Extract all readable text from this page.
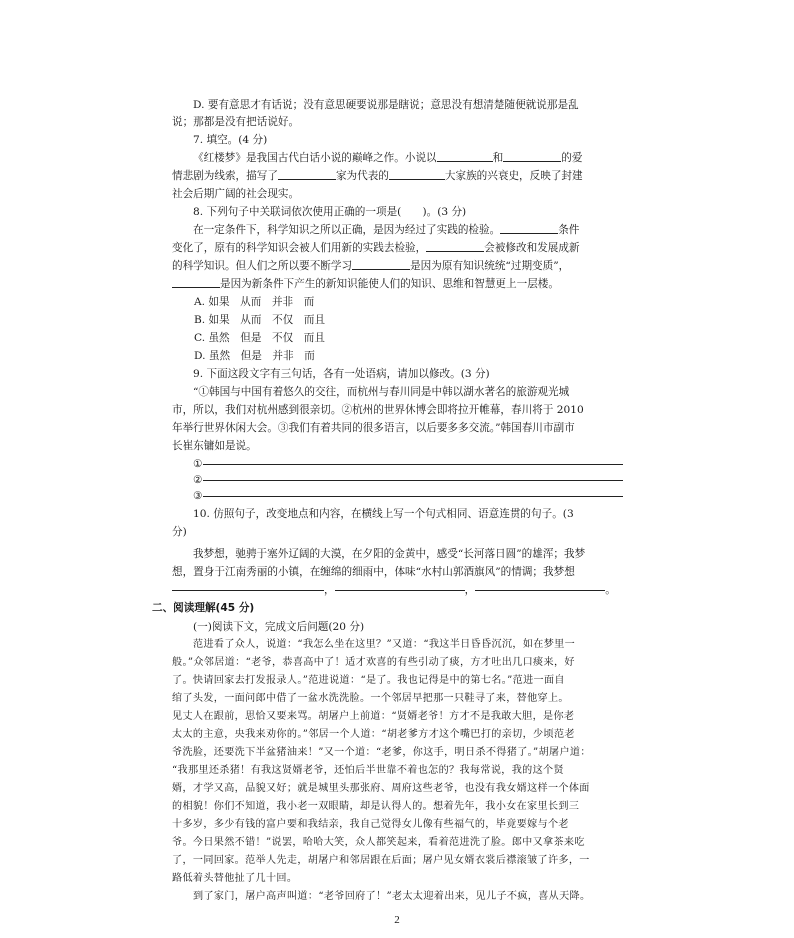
D. 要有意思才有话说；没有意思硬要说那是瞎说；意思没有想清楚随便就说那是乱
说；那都是没有把话说好。
7. 填空。(4 分)
《红楼梦》是我国古代白话小说的巅峰之作。小说以	和	的爱
情悲剧为线索，描写了	家为代表的	大家族的兴衰史，反映了封建
社会后期广阔的社会现实。
8. 下列句子中关联词依次使用正确的一项是(　　)。(3 分)
在一定条件下，科学知识之所以正确，是因为经过了实践的检验。	条件
变化了，原有的科学知识会被人们用新的实践去检验，	会被修改和发展成新
的科学知识。但人们之所以要不断学习	是因为原有知识统统“过期变质”，
是因为新条件下产生的新知识能使人们的知识、思维和智慧更上一层楼。
A. 如果　从而　并非　而
B. 如果　从而　不仅　而且
C. 虽然　但是　不仅　而且
D. 虽然　但是　并非　而
9. 下面这段文字有三句话，各有一处语病，请加以修改。(3 分)
“①韩国与中国有着悠久的交往，而杭州与春川同是中韩以湖水著名的旅游观光城
市，所以，我们对杭州感到很亲切。②杭州的世界休博会即将拉开帷幕，春川将于 2010
年举行世界休闲大会。③我们有着共同的很多语言，以后要多多交流。”韩国春川市副市
长崔东镛如是说。
①
②
③
10. 仿照句子，改变地点和内容，在横线上写一个句式相同、语意连贯的句子。(3
分)
我梦想，驰骋于塞外辽阔的大漠，在夕阳的金黄中，感受“长河落日圆”的雄浑；我梦
想，置身于江南秀丽的小镇，在缠绵的细雨中，体味“水村山郭酒旗风”的情调；我梦想
，	，	。
二、阅读理解(45 分)
(一)阅读下文，完成文后问题(20 分)
范进看了众人，说道：“我怎么坐在这里？”又道：“我这半日昏昏沉沉，如在梦里一
般。”众邻居道：“老爷，恭喜高中了！适才欢喜的有些引动了痰，方才吐出几口痰来，好
了。快请回家去打发报录人。”范进说道：“是了。我也记得是中的第七名。”范进一面自
绾了头发，一面问郎中借了一盆水洗洗脸。一个邻居早把那一只鞋寻了来，替他穿上。
见丈人在跟前，思恰又要来骂。胡屠户上前道：“贤婿老爷！方才不是我敢大胆，是你老
太太的主意，央我来劝你的。”邻居一个人道：“胡老爹方才这个嘴巴打的亲切，少顷范老
爷洗脸，还要洗下半盆猪油来！”又一个道：“老爹，你这手，明日杀不得猪了。”胡屠户道：
“我那里还杀猪！有我这贤婿老爷，还怕后半世靠不着也怎的？我每常说，我的这个贤
婿，才学又高，品貌又好；就是城里头那张府、周府这些老爷，也没有我女婿这样一个体面
的相貌！你们不知道，我小老一双眼睛，却是认得人的。想着先年，我小女在家里长到三
十多岁，多少有钱的富户要和我结亲，我自己觉得女儿像有些福气的，毕竟要嫁与个老
爷。今日果然不错！”说罢，哈哈大笑，众人都笑起来，看着范进洗了脸。郎中又拿茶来吃
了，一同回家。范举人先走，胡屠户和邻居跟在后面；屠户见女婿衣裳后襟滚皱了许多，一
路低着头替他扯了几十回。
到了家门，屠户高声叫道：“老爷回府了！”老太太迎着出来，见儿子不疯，喜从天降。
2
